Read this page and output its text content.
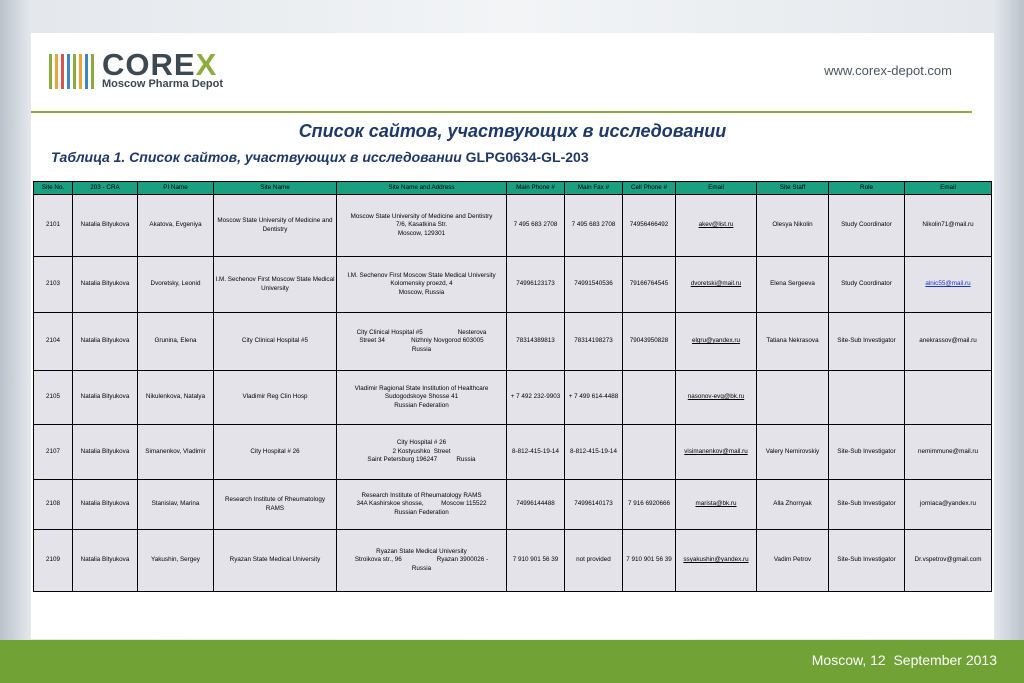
COREX
Moscow Pharma Depot
www.corex-depot.com
Список сайтов, участвующих в исследовании
Таблица 1. Список сайтов, участвующих в исследовании GLPG0634-GL-203
Site No.	203 - CRA	PI Name	Site Name	Site Name and Address	Main Phone #	Main Fax #	Cell Phone #	Email	Site Staff	Role	Email
2101	Natalia Bityukova	Akatova, Evgeniya	Moscow State University of Medicine and Dentistry	Moscow State University of Medicine and Dentistry
7/6, Kasatkina Str.
Moscow, 129301	7 495 683 2708	7 495 683 2708	74956466492	akev@list.ru	Olesya Nikolin	Study Coordinator	Nikolin71@mail.ru
2103	Natalia Bityukova	Dvoretsky, Leonid	I.M. Sechenov First Moscow State Medical University	I.M. Sechenov First Moscow State Medical University
Kolomensky proezd, 4
Moscow, Russia	74996123173	74991540536	79166764545	dvoretski@mail.ru	Elena Sergeeva	Study Coordinator	alnic55@mail.ru
2104	Natalia Bityukova	Grunina, Elena	City Clinical Hospital #5	City Clinical Hospital #5                    Nesterova
Street 34               Nizhniy Novgorod 603005
Russia	78314389813	78314198273	79043950828	elgru@yandex.ru	Tatiana Nekrasova	Site-Sub Investigator	anekrassov@mail.ru
2105	Natalia Bityukova	Nikulenkova, Natalya	Vladimir Reg Clin Hosp	Vladimir Ragional State Institution of Healthcare
Sudogodskoye Shosse 41
Russian Federation	+ 7 492 232-9903	+ 7 499 614-4488		nasonov-evg@bk.ru			
2107	Natalia Bityukova	Simanenkov, Vladimir	City Hospital # 26	City Hospital # 26
2 Kostyushko  Street
Saint Petersburg 196247           Russia	8-812-415-19-14	8-812-415-19-14		visimanenkov@mail.ru	Valery Nemirovskiy	Site-Sub Investigator	nemimmune@mail.ru
2108	Natalia Bityukova	Stanislav, Marina	Research Institute of Rheumatology RAMS	Research Institute of Rheumatology RAMS
34A Kashirskoe shosse,          Moscow 115522
Russian Federation	74996144488	74996140173	7 916 6920666	marista@bk.ru	Alla Zhornyak	Site-Sub Investigator	jorniaca@yandex.ru
2109	Natalia Bityukova	Yakushin, Sergey	Ryazan State Medical University	Ryazan State Medical University
Stroikova str., 96                    Ryazan 3900026 -
Russia	7 910 901 56 39	not provided	7 910 901 56 39	ssyakushin@yandex.ru	Vadim Petrov	Site-Sub Investigator	Dr.vspetrov@gmail.com
Moscow, 12  September 2013
